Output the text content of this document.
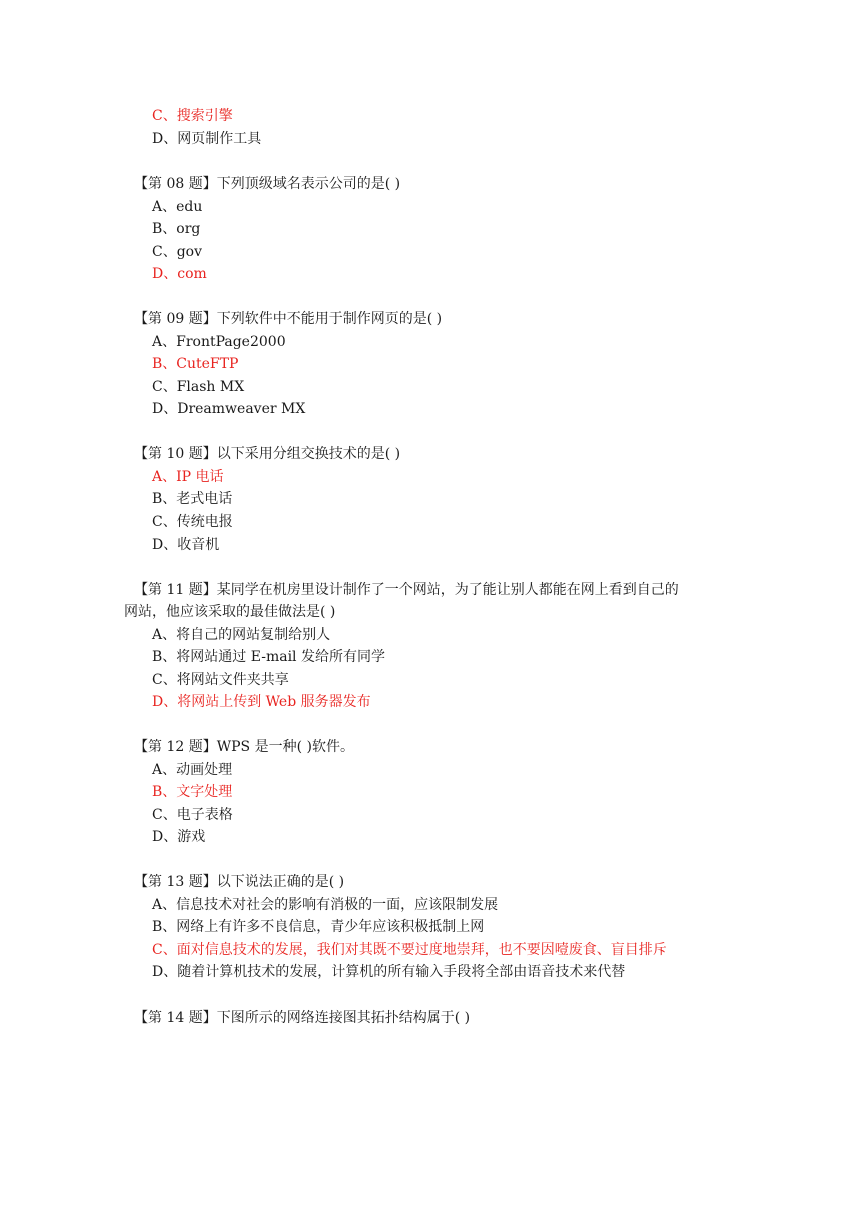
C、搜索引擎
D、网页制作工具
【第 08 题】下列顶级域名表示公司的是( )
A、edu
B、org
C、gov
D、com
【第 09 题】下列软件中不能用于制作网页的是( )
A、FrontPage2000
B、CuteFTP
C、Flash MX
D、Dreamweaver MX
【第 10 题】以下采用分组交换技术的是( )
A、IP 电话
B、老式电话
C、传统电报
D、收音机
【第 11 题】某同学在机房里设计制作了一个网站，为了能让别人都能在网上看到自己的
网站，他应该采取的最佳做法是( )
A、将自己的网站复制给别人
B、将网站通过 E-mail 发给所有同学
C、将网站文件夹共享
D、将网站上传到 Web 服务器发布
【第 12 题】WPS 是一种( )软件。
A、动画处理
B、文字处理
C、电子表格
D、游戏
【第 13 题】以下说法正确的是( )
A、信息技术对社会的影响有消极的一面，应该限制发展
B、网络上有许多不良信息，青少年应该积极抵制上网
C、面对信息技术的发展，我们对其既不要过度地崇拜，也不要因噎废食、盲目排斥
D、随着计算机技术的发展，计算机的所有输入手段将全部由语音技术来代替
【第 14 题】下图所示的网络连接图其拓扑结构属于( )
